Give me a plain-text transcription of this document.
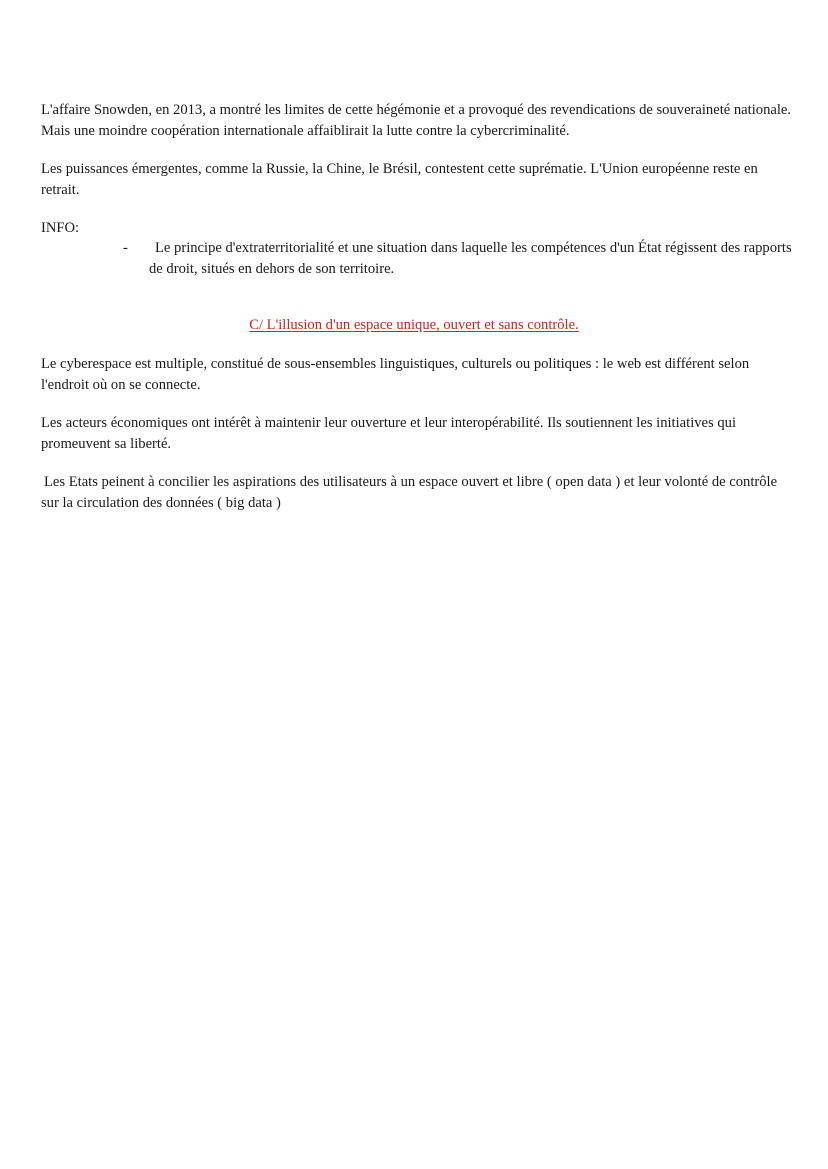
L'affaire Snowden, en 2013, a montré les limites de cette hégémonie et a provoqué des revendications de souveraineté nationale. Mais une moindre coopération internationale affaiblirait la lutte contre la cybercriminalité.

Les puissances émergentes, comme la Russie, la Chine, le Brésil, contestent cette suprématie. L'Union européenne reste en retrait.

INFO:

-	Le principe d'extraterritorialité et une situation dans laquelle les compétences d'un État régissent des rapports de droit, situés en dehors de son territoire.

C/ L'illusion d'un espace unique, ouvert et sans contrôle.

Le cyberespace est multiple, constitué de sous-ensembles linguistiques, culturels ou politiques : le web est différent selon l'endroit où on se connecte.

Les acteurs économiques ont intérêt à maintenir leur ouverture et leur interopérabilité. Ils soutiennent les initiatives qui promeuvent sa liberté.

Les Etats peinent à concilier les aspirations des utilisateurs à un espace ouvert et libre ( open data ) et leur volonté de contrôle sur la circulation des données ( big data )
